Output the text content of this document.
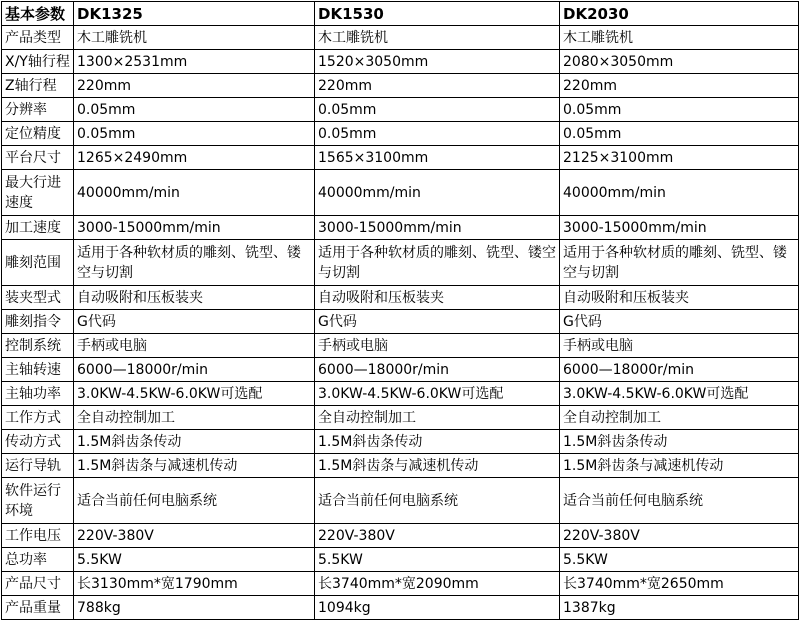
基本参数	DK1325	DK1530	DK2030
产品类型	木工雕铣机	木工雕铣机	木工雕铣机
X/Y轴行程	1300×2531mm	1520×3050mm	2080×3050mm
Z轴行程	220mm	220mm	220mm
分辨率	0.05mm	0.05mm	0.05mm
定位精度	0.05mm	0.05mm	0.05mm
平台尺寸	1265×2490mm	1565×3100mm	2125×3100mm
最大行进速度	40000mm/min	40000mm/min	40000mm/min
加工速度	3000-15000mm/min	3000-15000mm/min	3000-15000mm/min
雕刻范围	适用于各种软材质的雕刻、铣型、镂空与切割	适用于各种软材质的雕刻、铣型、镂空与切割	适用于各种软材质的雕刻、铣型、镂空与切割
装夹型式	自动吸附和压板装夹	自动吸附和压板装夹	自动吸附和压板装夹
雕刻指令	G代码	G代码	G代码
控制系统	手柄或电脑	手柄或电脑	手柄或电脑
主轴转速	6000—18000r/min	6000—18000r/min	6000—18000r/min
主轴功率	3.0KW-4.5KW-6.0KW可选配	3.0KW-4.5KW-6.0KW可选配	3.0KW-4.5KW-6.0KW可选配
工作方式	全自动控制加工	全自动控制加工	全自动控制加工
传动方式	1.5M斜齿条传动	1.5M斜齿条传动	1.5M斜齿条传动
运行导轨	1.5M斜齿条与减速机传动	1.5M斜齿条与减速机传动	1.5M斜齿条与减速机传动
软件运行环境	适合当前任何电脑系统	适合当前任何电脑系统	适合当前任何电脑系统
工作电压	220V-380V	220V-380V	220V-380V
总功率	5.5KW	5.5KW	5.5KW
产品尺寸	长3130mm*宽1790mm	长3740mm*宽2090mm	长3740mm*宽2650mm
产品重量	788kg	1094kg	1387kg
